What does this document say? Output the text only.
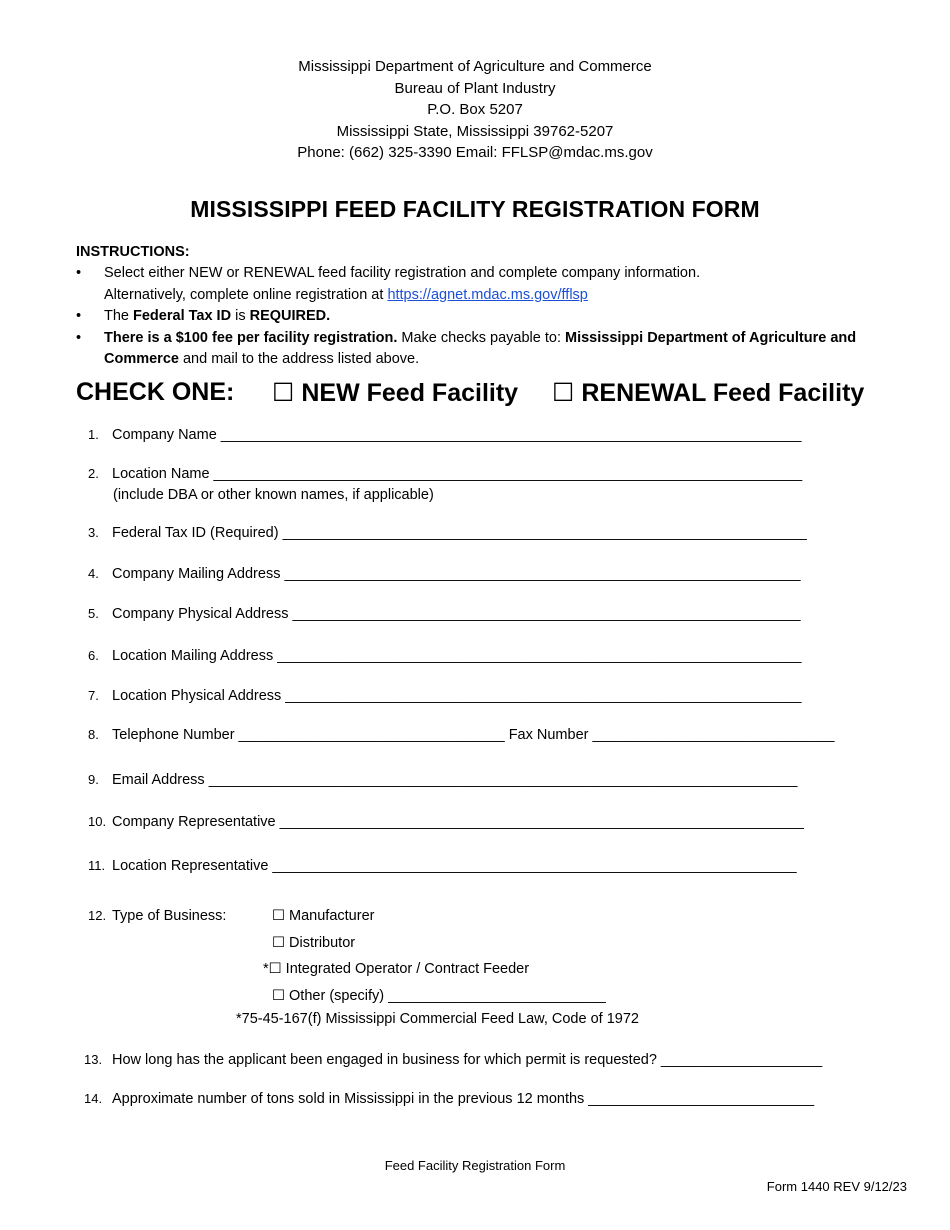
Mississippi Department of Agriculture and Commerce
Bureau of Plant Industry
P.O. Box 5207
Mississippi State, Mississippi 39762-5207
Phone: (662) 325-3390 Email: FFLSP@mdac.ms.gov
MISSISSIPPI FEED FACILITY REGISTRATION FORM
INSTRUCTIONS:
• Select either NEW or RENEWAL feed facility registration and complete company information.
Alternatively, complete online registration at https://agnet.mdac.ms.gov/fflsp
• The Federal Tax ID is REQUIRED.
• There is a $100 fee per facility registration. Make checks payable to: Mississippi Department of Agriculture and Commerce and mail to the address listed above.
CHECK ONE: ☐ NEW Feed Facility ☐ RENEWAL Feed Facility
1. Company Name ________________________________________________________________________
2. Location Name _________________________________________________________________________
(include DBA or other known names, if applicable)
3. Federal Tax ID (Required) _________________________________________________________________
4. Company Mailing Address ________________________________________________________________
5. Company Physical Address _______________________________________________________________
6. Location Mailing Address _________________________________________________________________
7. Location Physical Address ________________________________________________________________
8. Telephone Number _________________________________ Fax Number ______________________________
9. Email Address _________________________________________________________________________
10. Company Representative _________________________________________________________________
11. Location Representative _________________________________________________________________
12. Type of Business:	☐ Manufacturer
☐ Distributor
*☐ Integrated Operator / Contract Feeder
☐ Other (specify) ___________________________
*75-45-167(f) Mississippi Commercial Feed Law, Code of 1972
13. How long has the applicant been engaged in business for which permit is requested? ____________________
14. Approximate number of tons sold in Mississippi in the previous 12 months ____________________________
Feed Facility Registration Form
Form 1440 REV 9/12/23
